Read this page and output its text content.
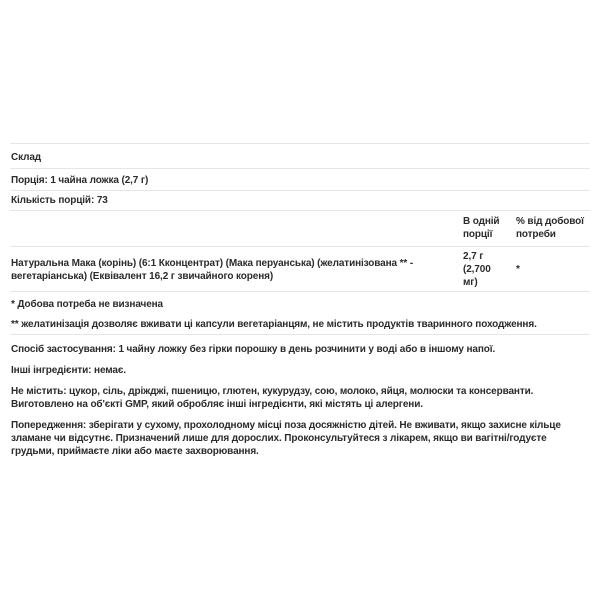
Склад
Порція: 1 чайна ложка (2,7 г)
Кількість порцій: 73
В одній порції
% від добової потреби
Натуральна Мака (корінь) (6:1 Кконцентрат) (Мака перуанська) (желатинізована ** - вегетаріанська) (Еквівалент 16,2 г звичайного кореня)
2,7 г (2,700 мг)
*
* Добова потреба не визначена
** желатинізація дозволяє вживати ці капсули вегетаріанцям, не містить продуктів тваринного походження.

Спосіб застосування: 1 чайну ложку без гірки порошку в день розчинити у воді або в іншому напої.

Інші інгредієнти: немає.

Не містить: цукор, сіль, дріжджі, пшеницю, глютен, кукурудзу, сою, молоко, яйця, молюски та консерванти. Виготовлено на об'єкті GMP, який обробляє інші інгредієнти, які містять ці алергени.

Попередження: зберігати у сухому, прохолодному місці поза досяжністю дітей. Не вживати, якщо захисне кільце зламане чи відсутнє. Призначений лише для дорослих. Проконсультуйтеся з лікарем, якщо ви вагітні/годуєте грудьми, приймаєте ліки або маєте захворювання.
